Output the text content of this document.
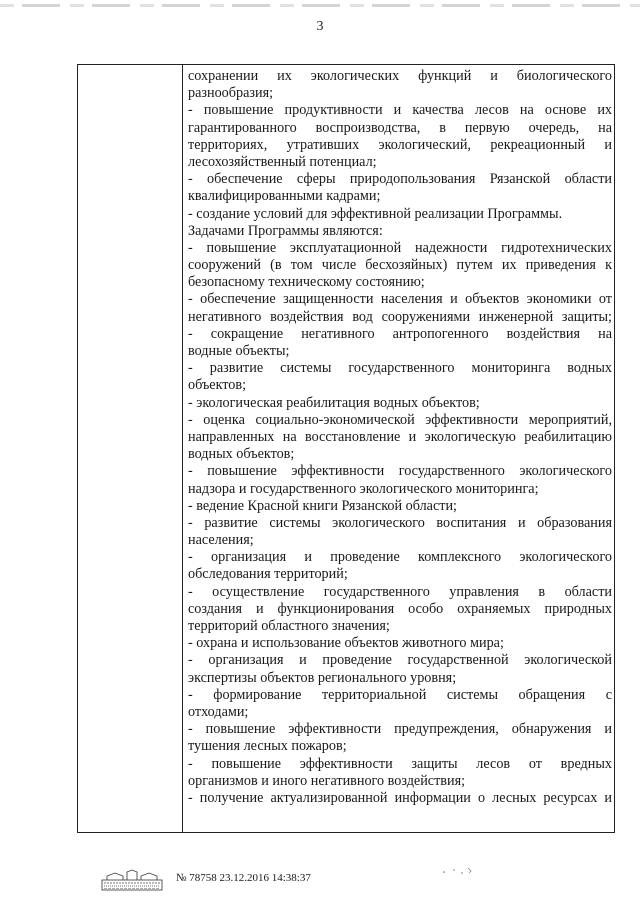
3
сохранении их экологических функций и биологического
разнообразия;
- повышение продуктивности и качества лесов на основе их
гарантированного воспроизводства, в первую очередь, на
территориях, утративших экологический, рекреационный и
лесохозяйственный потенциал;
- обеспечение сферы природопользования Рязанской области
квалифицированными кадрами;
- создание условий для эффективной реализации Программы.
Задачами Программы являются:
- повышение эксплуатационной надежности гидротехнических
сооружений (в том числе бесхозяйных) путем их приведения к
безопасному техническому состоянию;
- обеспечение защищенности населения и объектов экономики от
негативного воздействия вод сооружениями инженерной защиты;
- сокращение негативного антропогенного воздействия на
водные объекты;
- развитие системы государственного мониторинга водных
объектов;
- экологическая реабилитация водных объектов;
- оценка социально-экономической эффективности мероприятий,
направленных на восстановление и экологическую реабилитацию
водных объектов;
- повышение эффективности государственного экологического
надзора и государственного экологического мониторинга;
- ведение Красной книги Рязанской области;
- развитие системы экологического воспитания и образования
населения;
- организация и проведение комплексного экологического
обследования территорий;
- осуществление государственного управления в области
создания и функционирования особо охраняемых природных
территорий областного значения;
- охрана и использование объектов животного мира;
- организация и проведение государственной экологической
экспертизы объектов регионального уровня;
- формирование территориальной системы обращения с
отходами;
- повышение эффективности предупреждения, обнаружения и
тушения лесных пожаров;
- повышение эффективности защиты лесов от вредных
организмов и иного негативного воздействия;
- получение актуализированной информации о лесных ресурсах и
№ 78758 23.12.2016 14:38:37
